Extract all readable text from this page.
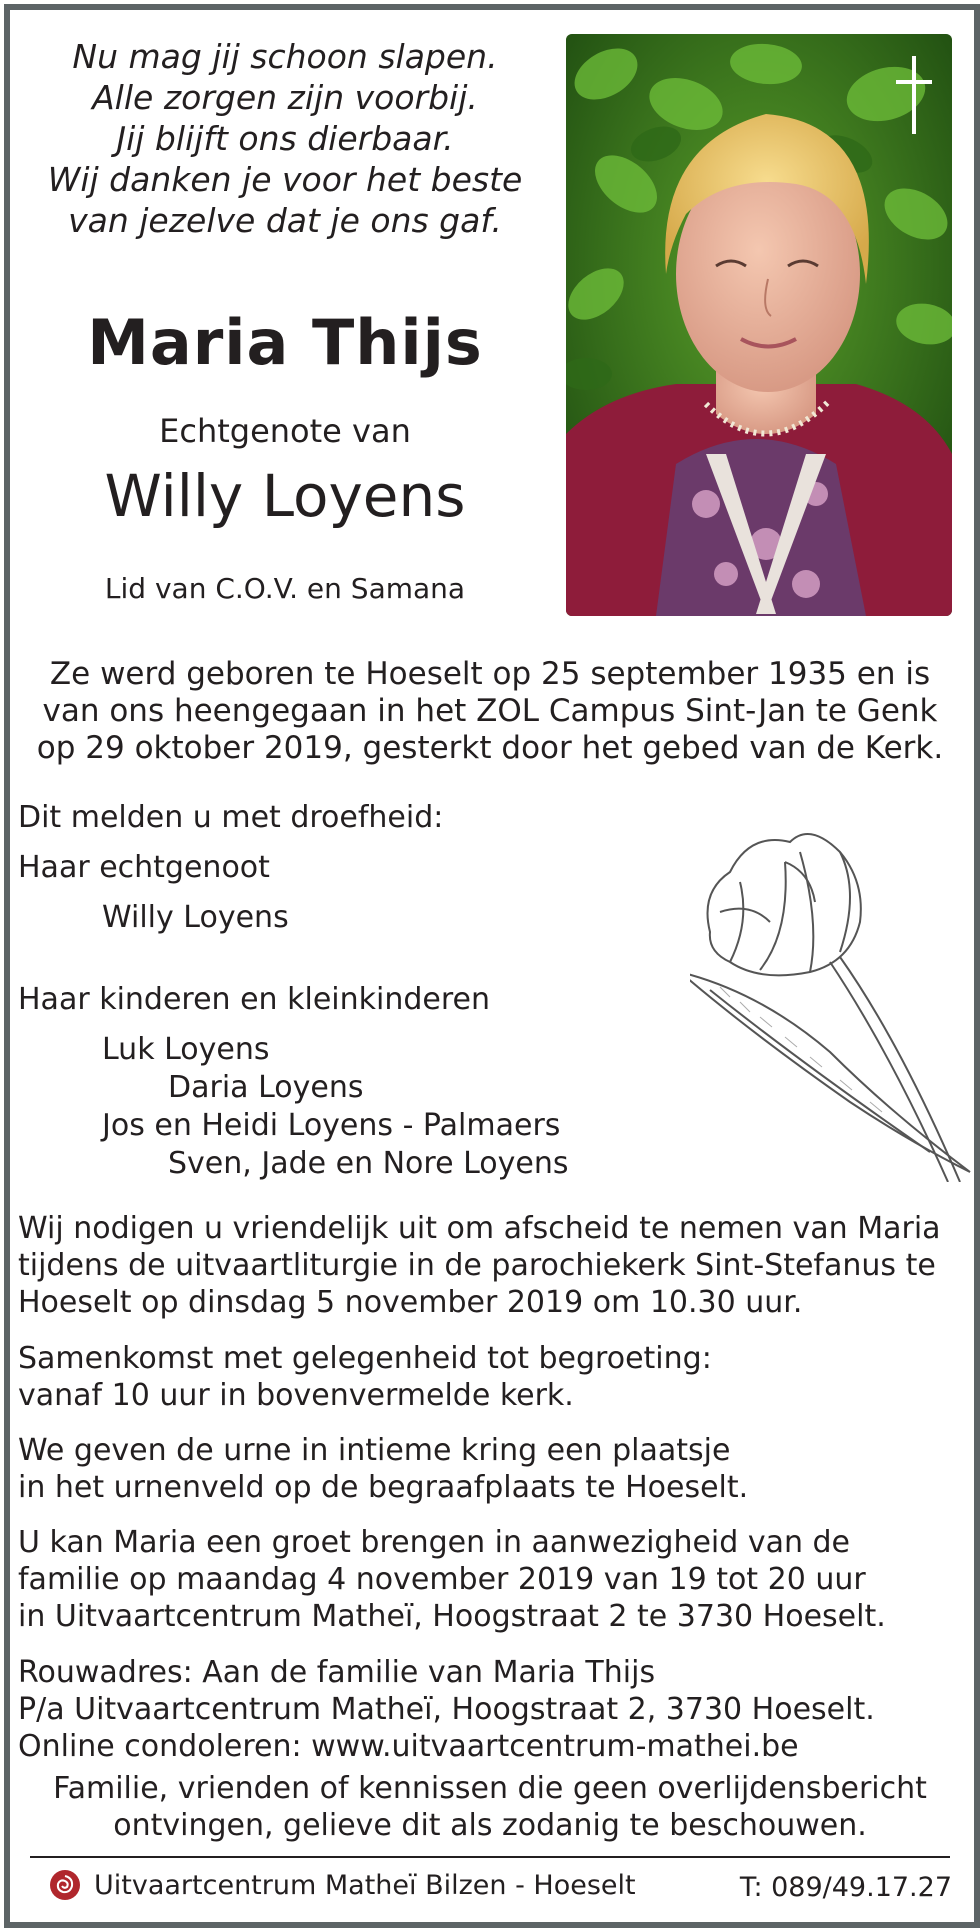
Nu mag jij schoon slapen.
Alle zorgen zijn voorbij.
Jij blijft ons dierbaar.
Wij danken je voor het beste
van jezelve dat je ons gaf.
Maria Thijs
Echtgenote van
Willy Loyens
Lid van C.O.V. en Samana
Ze werd geboren te Hoeselt op 25 september 1935 en is
van ons heengegaan in het ZOL Campus Sint-Jan te Genk
op 29 oktober 2019, gesterkt door het gebed van de Kerk.
Dit melden u met droefheid:
Haar echtgenoot
Willy Loyens
Haar kinderen en kleinkinderen
Luk Loyens
Daria Loyens
Jos en Heidi Loyens - Palmaers
Sven, Jade en Nore Loyens
Wij nodigen u vriendelijk uit om afscheid te nemen van Maria
tijdens de uitvaartliturgie in de parochiekerk Sint-Stefanus te
Hoeselt op dinsdag 5 november 2019 om 10.30 uur.
Samenkomst met gelegenheid tot begroeting:
vanaf 10 uur in bovenvermelde kerk.
We geven de urne in intieme kring een plaatsje
in het urnenveld op de begraafplaats te Hoeselt.
U kan Maria een groet brengen in aanwezigheid van de
familie op maandag 4 november 2019 van 19 tot 20 uur
in Uitvaartcentrum Matheï, Hoogstraat 2 te 3730 Hoeselt.
Rouwadres: Aan de familie van Maria Thijs
P/a Uitvaartcentrum Matheï, Hoogstraat 2, 3730 Hoeselt.
Online condoleren: www.uitvaartcentrum-mathei.be
Familie, vrienden of kennissen die geen overlijdensbericht
ontvingen, gelieve dit als zodanig te beschouwen.
Uitvaartcentrum Matheï Bilzen - Hoeselt	T: 089/49.17.27
